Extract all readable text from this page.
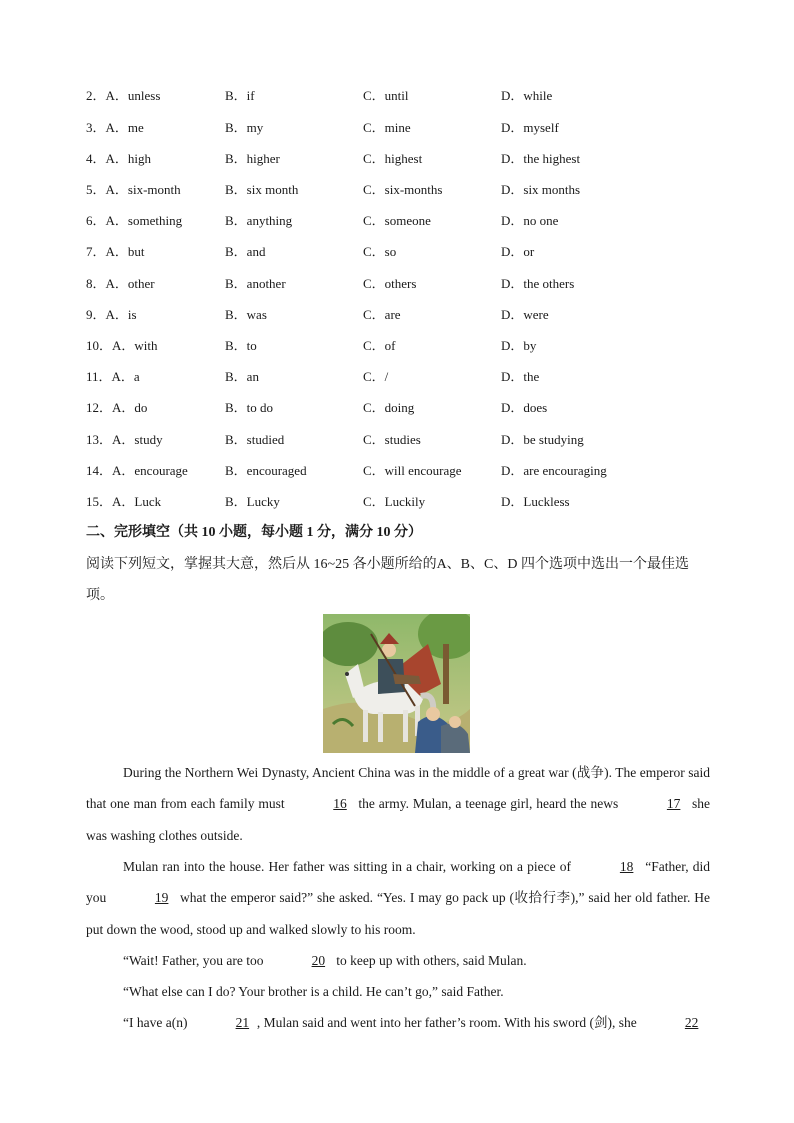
2．A．unless	B．if	C．until	D．while
3．A．me	B．my	C．mine	D．myself
4．A．high	B．higher	C．highest	D．the highest
5．A．six-month	B．six month	C．six-months	D．six months
6．A．something	B．anything	C．someone	D．no one
7．A．but	B．and	C．so	D．or
8．A．other	B．another	C．others	D．the others
9．A．is	B．was	C．are	D．were
10．A．with	B．to	C．of	D．by
11．A．a	B．an	C．/	D．the
12．A．do	B．to do	C．doing	D．does
13．A．study	B．studied	C．studies	D．be studying
14．A．encourage	B．encouraged	C．will encourage	D．are encouraging
15．A．Luck	B．Lucky	C．Luckily	D．Luckless
二、完形填空（共 10 小题，每小题 1 分，满分 10 分）
阅读下列短文，掌握其大意，然后从 16~25 各小题所给的A、B、C、D 四个选项中选出一个最佳选
项。
During the Northern Wei Dynasty, Ancient China was in the middle of a great war (战争). The emperor said that one man from each family must	16 the army. Mulan, a teenage girl, heard the news	17 she was washing clothes outside.
Mulan ran into the house. Her father was sitting in a chair, working on a piece of	18 “Father, did you	19 what the emperor said?” she asked. “Yes. I may go pack up (收拾行李),” said her old father. He put down the wood, stood up and walked slowly to his room.
“Wait! Father, you are too	20 to keep up with others, said Mulan.
“What else can I do? Your brother is a child. He can’t go,” said Father.
“I have a(n)	21 , Mulan said and went into her father’s room. With his sword (剑), she	22
